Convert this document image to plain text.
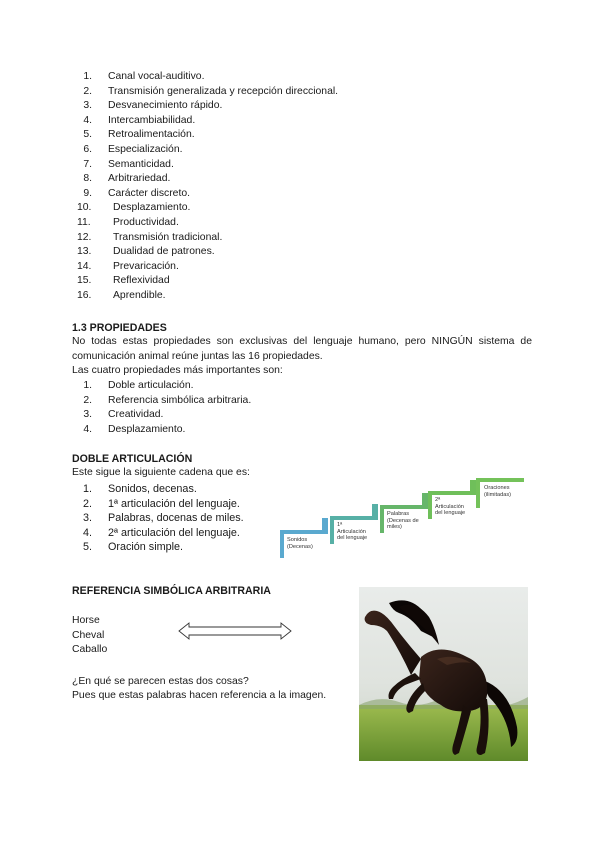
1. Canal vocal-auditivo.
2. Transmisión generalizada y recepción direccional.
3. Desvanecimiento rápido.
4. Intercambiabilidad.
5. Retroalimentación.
6. Especialización.
7. Semanticidad.
8. Arbitrariedad.
9. Carácter discreto.
10. Desplazamiento.
11. Productividad.
12. Transmisión tradicional.
13. Dualidad de patrones.
14. Prevaricación.
15. Reflexividad
16. Aprendible.
1.3 PROPIEDADES
No todas estas propiedades son exclusivas del lenguaje humano, pero NINGÚN sistema de comunicación animal reúne juntas las 16 propiedades.
Las cuatro propiedades más importantes son:
1. Doble articulación.
2. Referencia simbólica arbitraria.
3. Creatividad.
4. Desplazamiento.
DOBLE ARTICULACIÓN
Este sigue la siguiente cadena que es:
1. Sonidos, decenas.
2. 1ª articulación del lenguaje.
3. Palabras, docenas de miles.
4. 2ª articulación del lenguaje.
5. Oración simple.
Sonidos
(Decenas)
1ª
Articulación
del lenguaje
Palabras
(Decenas de
miles)
2ª
Articulación
del lenguaje
Oraciones
(ilimitadas)
REFERENCIA SIMBÓLICA ARBITRARIA
Horse
Cheval
Caballo
¿En qué se parecen estas dos cosas?
Pues que estas palabras hacen referencia a la imagen.
